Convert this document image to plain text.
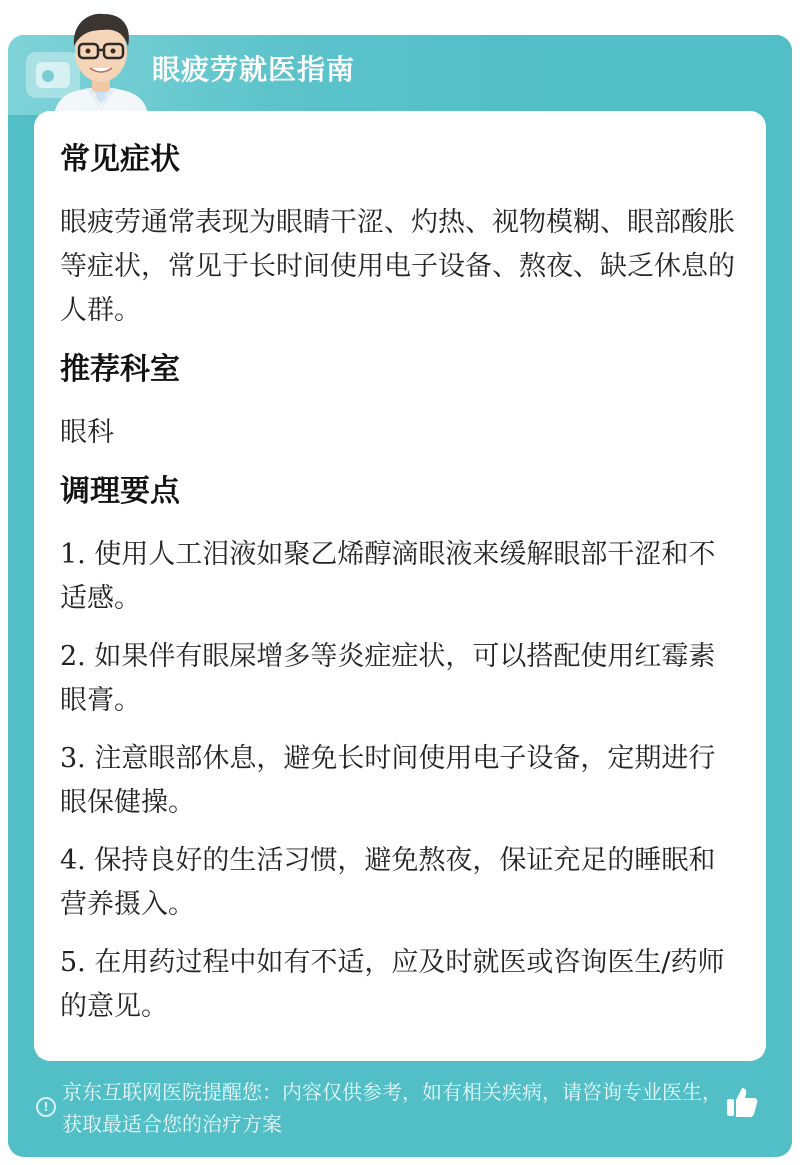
眼疲劳就医指南
常见症状
眼疲劳通常表现为眼睛干涩、灼热、视物模糊、眼部酸胀等症状，常见于长时间使用电子设备、熬夜、缺乏休息的人群。
推荐科室
眼科
调理要点
1. 使用人工泪液如聚乙烯醇滴眼液来缓解眼部干涩和不适感。
2. 如果伴有眼屎增多等炎症症状，可以搭配使用红霉素眼膏。
3. 注意眼部休息，避免长时间使用电子设备，定期进行眼保健操。
4. 保持良好的生活习惯，避免熬夜，保证充足的睡眠和营养摄入。
5. 在用药过程中如有不适，应及时就医或咨询医生/药师的意见。
!
京东互联网医院提醒您：内容仅供参考，如有相关疾病，请咨询专业医生，获取最适合您的治疗方案
